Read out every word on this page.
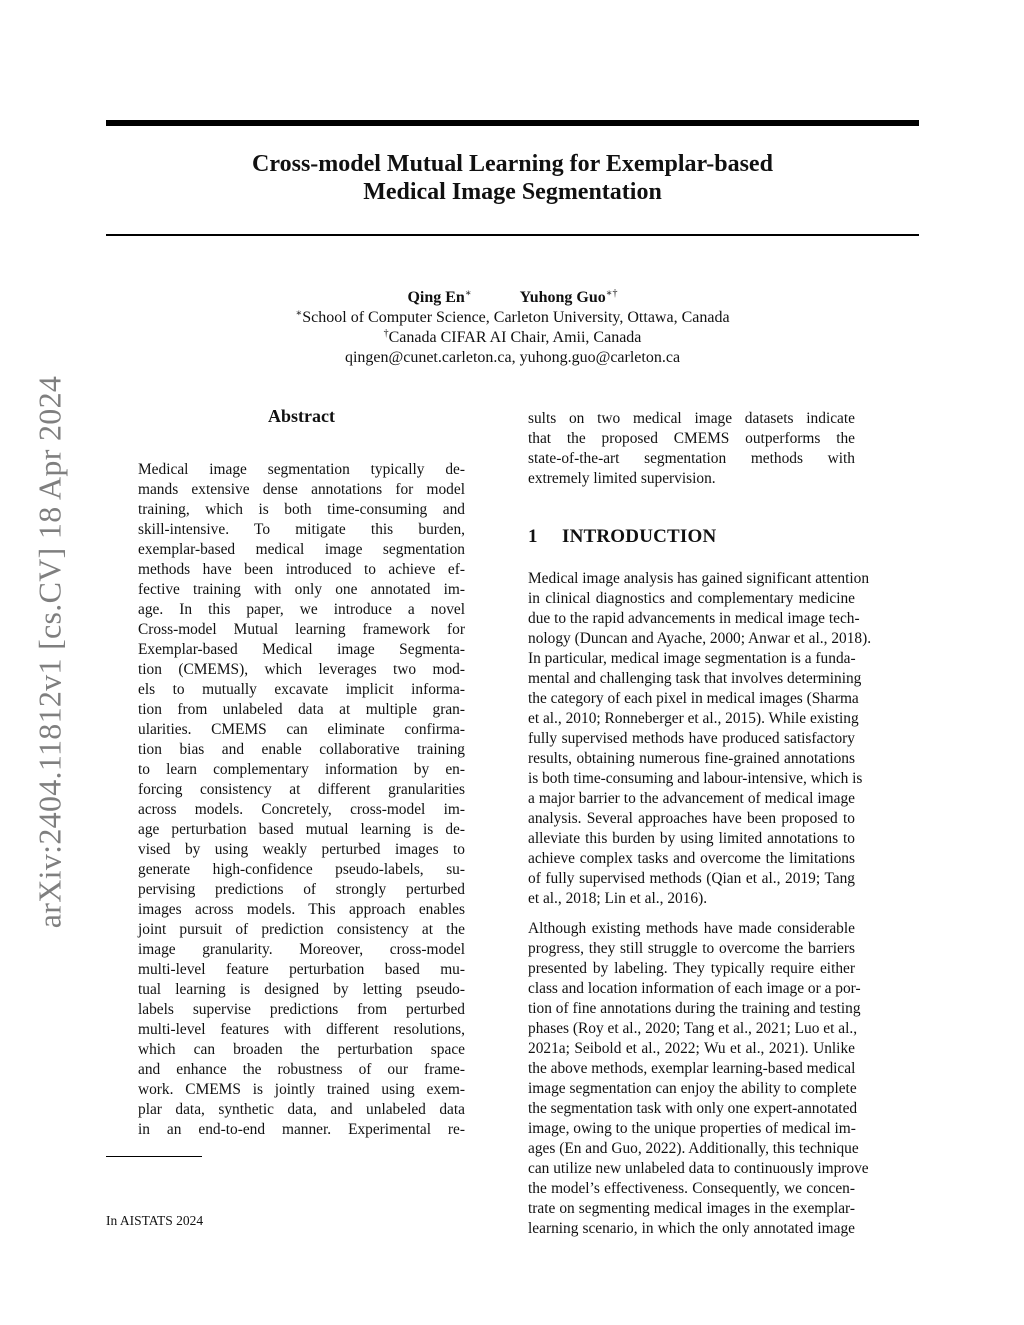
Cross-model Mutual Learning for Exemplar-based
Medical Image Segmentation
arXiv:2404.11812v1 [cs.CV] 18 Apr 2024
Qing En∗	Yuhong Guo∗†
∗School of Computer Science, Carleton University, Ottawa, Canada
†Canada CIFAR AI Chair, Amii, Canada
qingen@cunet.carleton.ca, yuhong.guo@carleton.ca
Abstract
Medical image segmentation typically de-
mands extensive dense annotations for model
training, which is both time-consuming and
skill-intensive. To mitigate this burden,
exemplar-based medical image segmentation
methods have been introduced to achieve ef-
fective training with only one annotated im-
age. In this paper, we introduce a novel
Cross-model Mutual learning framework for
Exemplar-based Medical image Segmenta-
tion (CMEMS), which leverages two mod-
els to mutually excavate implicit informa-
tion from unlabeled data at multiple gran-
ularities. CMEMS can eliminate confirma-
tion bias and enable collaborative training
to learn complementary information by en-
forcing consistency at different granularities
across models. Concretely, cross-model im-
age perturbation based mutual learning is de-
vised by using weakly perturbed images to
generate high-confidence pseudo-labels, su-
pervising predictions of strongly perturbed
images across models. This approach enables
joint pursuit of prediction consistency at the
image granularity. Moreover, cross-model
multi-level feature perturbation based mu-
tual learning is designed by letting pseudo-
labels supervise predictions from perturbed
multi-level features with different resolutions,
which can broaden the perturbation space
and enhance the robustness of our frame-
work. CMEMS is jointly trained using exem-
plar data, synthetic data, and unlabeled data
in an end-to-end manner. Experimental re-
sults on two medical image datasets indicate
that the proposed CMEMS outperforms the
state-of-the-art segmentation methods with
extremely limited supervision.
1 INTRODUCTION
Medical image analysis has gained significant attention
in clinical diagnostics and complementary medicine
due to the rapid advancements in medical image tech-
nology (Duncan and Ayache, 2000; Anwar et al., 2018).
In particular, medical image segmentation is a funda-
mental and challenging task that involves determining
the category of each pixel in medical images (Sharma
et al., 2010; Ronneberger et al., 2015). While existing
fully supervised methods have produced satisfactory
results, obtaining numerous fine-grained annotations
is both time-consuming and labour-intensive, which is
a major barrier to the advancement of medical image
analysis. Several approaches have been proposed to
alleviate this burden by using limited annotations to
achieve complex tasks and overcome the limitations
of fully supervised methods (Qian et al., 2019; Tang
et al., 2018; Lin et al., 2016).
Although existing methods have made considerable
progress, they still struggle to overcome the barriers
presented by labeling. They typically require either
class and location information of each image or a por-
tion of fine annotations during the training and testing
phases (Roy et al., 2020; Tang et al., 2021; Luo et al.,
2021a; Seibold et al., 2022; Wu et al., 2021). Unlike
the above methods, exemplar learning-based medical
image segmentation can enjoy the ability to complete
the segmentation task with only one expert-annotated
image, owing to the unique properties of medical im-
ages (En and Guo, 2022). Additionally, this technique
can utilize new unlabeled data to continuously improve
the model’s effectiveness. Consequently, we concen-
trate on segmenting medical images in the exemplar-
learning scenario, in which the only annotated image
In AISTATS 2024
